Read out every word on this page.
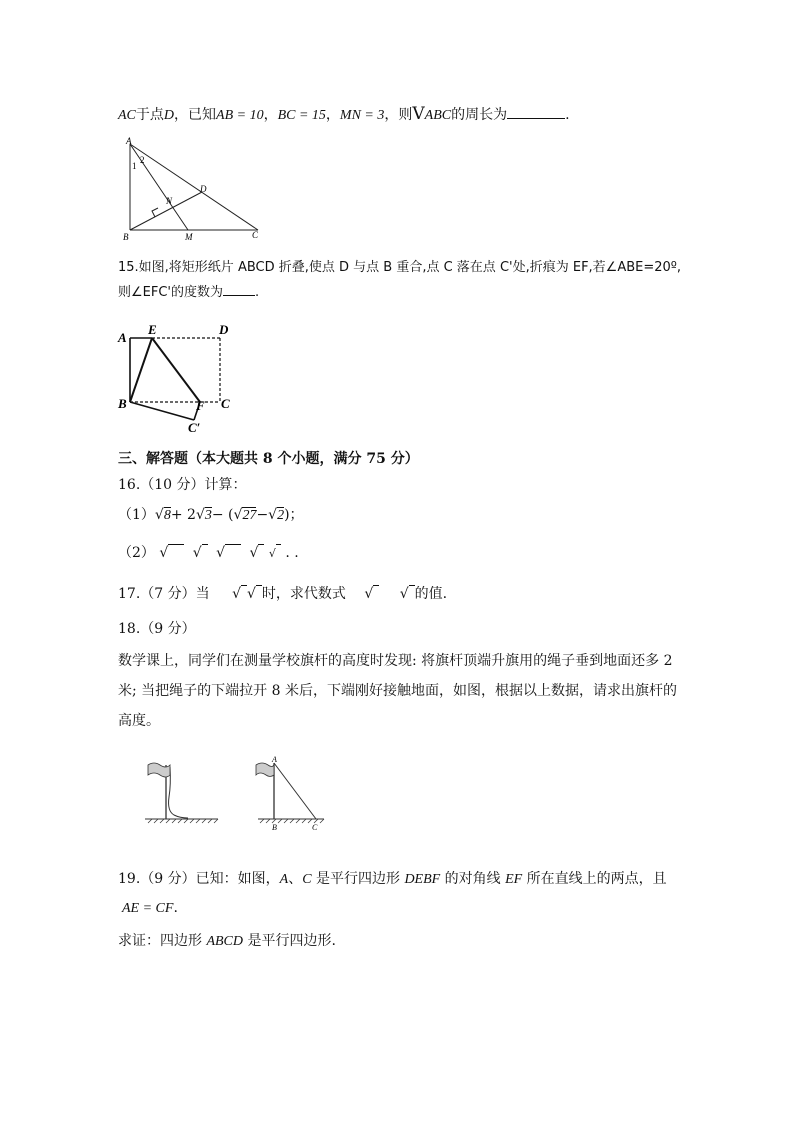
AC于点D，已知AB = 10，BC = 15，MN = 3，则VABC的周长为	.
A
1
2
N
D
B	M	C
15.如图,将矩形纸片 ABCD 折叠,使点 D 与点 B 重合,点 C 落在点 C'处,折痕为 EF,若∠ABE=20º,
则∠EFC'的度数为 .
A
E	D
B	F C
C′
三、解答题（本大题共 8 个小题，满分 75 分）
16.（10 分）计算：
（1）√8+ 2√3− (√27−√2)；
（2） √ √ √ √ √ . .
17.（7 分）当 √ √ 时，求代数式 √ √ 的值.
18.（9 分）
数学课上，同学们在测量学校旗杆的高度时发现: 将旗杆顶端升旗用的绳子垂到地面还多 2
米; 当把绳子的下端拉开 8 米后，下端刚好接触地面，如图，根据以上数据，请求出旗杆的
高度。
A
B	C
19.（9 分）已知：如图，A、C 是平行四边形 DEBF 的对角线 EF 所在直线上的两点，且
AE = CF.
求证：四边形 ABCD 是平行四边形.
